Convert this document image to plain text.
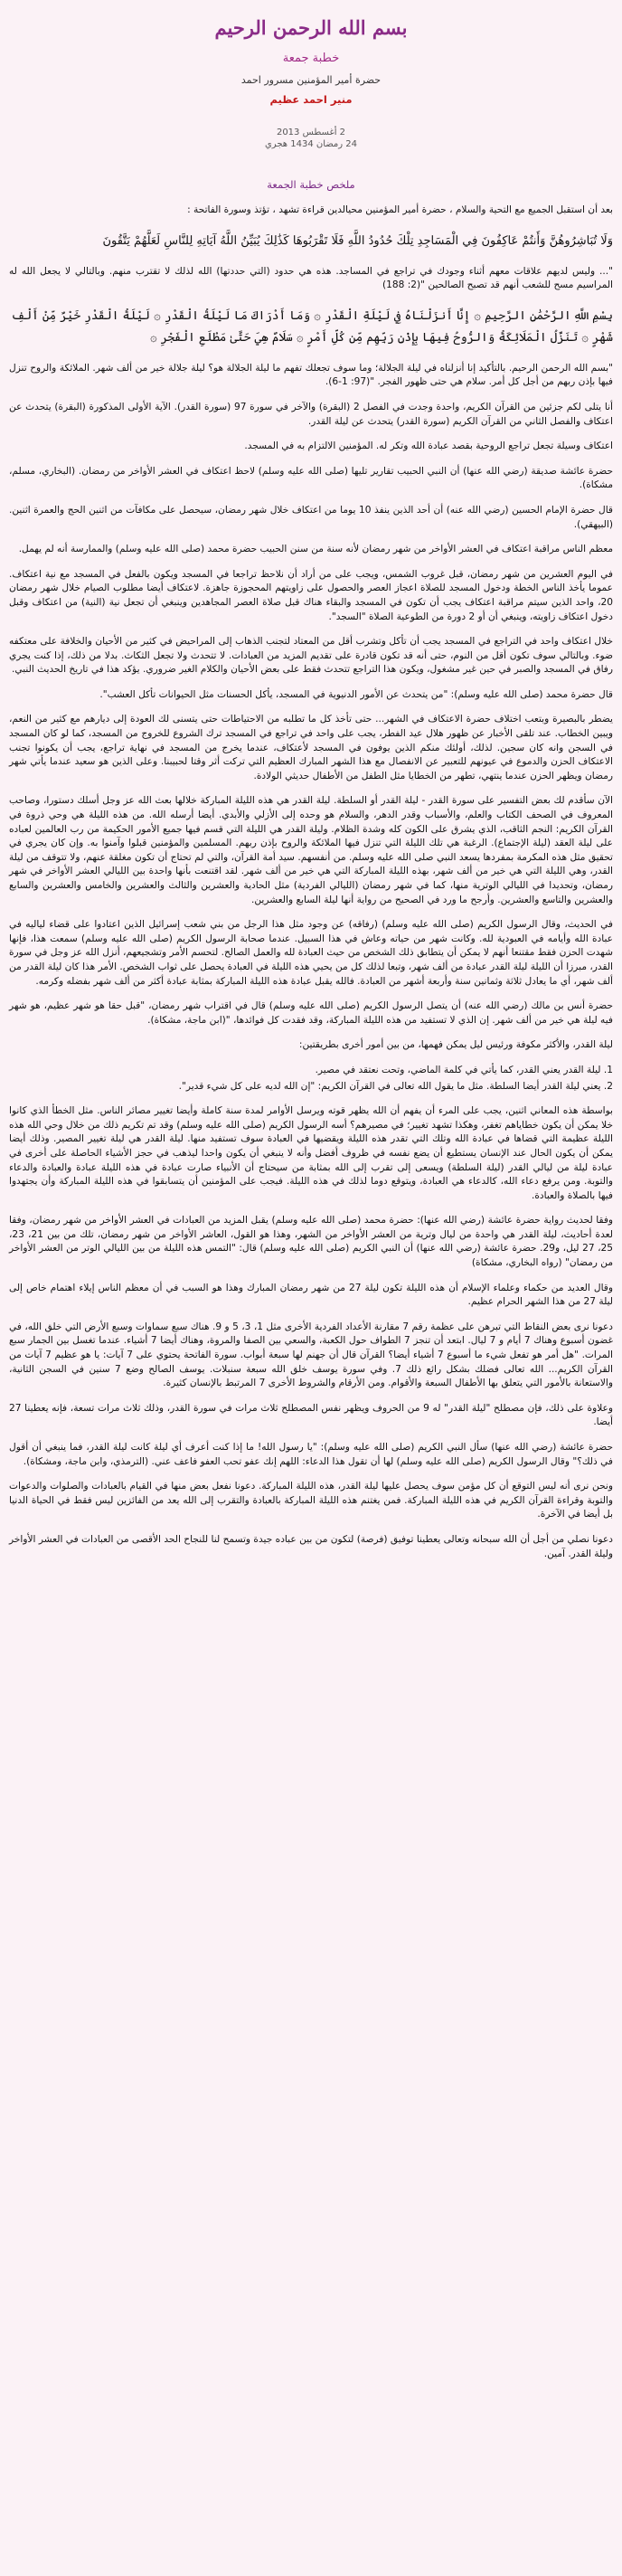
بسم الله الرحمن الرحيم
خطبة جمعة
حضرة أمير المؤمنين مسرور احمد
منير احمد عظيم
2 أغسطس 2013
24 رمضان 1434 هجري
ملخص خطبة الجمعة

بعد أن استقبل الجميع مع التحية والسلام ، حضرة أمير المؤمنين محيالدين قراءة تشهد ، تؤتذ وسورة الفاتحة :

وَلَا تُبَاشِرُوهُنَّ وَأَنتُمْ عَاكِفُونَ فِي الْمَسَاجِدِ تِلْكَ حُدُودُ اللَّهِ فَلَا تَقْرَبُوهَا كَذَٰلِكَ يُبَيِّنُ اللَّهُ آيَاتِهِ لِلنَّاسِ لَعَلَّهُمْ يَتَّقُونَ

"... ولیس لدیهم علاقات معهم أثناء وجودك في تراجع في المساجد. هذه هي حدود (التي حددتها) الله لذلك لا تقترب منهم. وبالتالي لا يجعل الله له المراسيم مسح للشعب أنهم قد تصبح الصالحين "(2: 188)

بِسْمِ اللَّهِ الرَّحْمَٰنِ الرَّحِيمِ ۞ إِنَّا أَنزَلْنَاهُ فِي لَيْلَةِ الْقَدْرِ ۞ وَمَا أَدْرَاكَ مَا لَيْلَةُ الْقَدْرِ ۞ لَيْلَةُ الْقَدْرِ خَيْرٌ مِّنْ أَلْفِ شَهْرٍ ۞ تَنَزَّلُ الْمَلَائِكَةُ وَالرُّوحُ فِيهَا بِإِذْنِ رَبِّهِم مِّن كُلِّ أَمْرٍ ۞ سَلَامٌ هِيَ حَتَّىٰ مَطْلَعِ الْفَجْرِ ۞

"بسم الله الرحمن الرحيم. بالتأكيد إنا أنزلناه في ليلة الجلالة؛ وما سوف تجعلك تفهم ما ليلة الجلالة هو؟ ليلة جلالة خير من ألف شهر. الملائكة والروح تنزل فيها بإذن ربهم من أجل كل أمر. سلام هي حتى ظهور الفجر. "(97: 1-6).

أنا يتلى لكم جزئين من القرآن الكريم، واحدة وجدت في الفصل 2 (البقرة) والآخر في سورة 97 (سورة القدر). الآية الأولى المذكورة (البقرة) يتحدث عن اعتكاف والفصل الثاني من القرآن الكريم (سورة القدر) يتحدث عن ليلة القدر.

اعتكاف وسيلة تجعل تراجع الروحية بقصد عبادة الله وتكر له. المؤمنين الالتزام به في المسجد.

حضرة عائشة صديقة (رضي الله عنها) أن النبي الحبيب تقارير تليها (صلى الله عليه وسلم) لاحظ اعتكاف في العشر الأواخر من رمضان. (البخاري، مسلم، مشكاة).

قال حضرة الإمام الحسين (رضي الله عنه) أن أحد الذين ينفذ 10 يوما من اعتكاف خلال شهر رمضان، سيحصل على مكافآت من اثنين الحج والعمرة اثنين. (البيهقي).

معظم الناس مراقبة اعتكاف في العشر الأواخر من شهر رمضان لأنه سنة من سنن الحبيب حضرة محمد (صلى الله عليه وسلم) والممارسة أنه لم يهمل.

في اليوم العشرين من شهر رمضان، قبل غروب الشمس، ويجب على من أراد أن نلاحظ تراجعا في المسجد ويكون بالفعل في المسجد مع نية اعتكاف. عموما يأخذ الناس الخطة ودخول المسجد للصلاة اعجاز العصر والحصول على زاويتهم المحجوزة جاهزة. لاعتكاف أيضا مطلوب الصيام خلال شهر رمضان 20، واحد الذين سيتم مراقبة اعتكاف يجب أن تكون في المسجد والبقاء هناك قبل صلاة العصر المجاهدين وينبغي أن تجعل نية (النية) من اعتكاف وقبل دخول اعتكاف زاويته، وينبغي أن أو 2 دورة من الطوعية الصلاة "السجد".

خلال اعتكاف واحد في التراجع في المسجد يجب أن تأكل وتشرب أقل من المعتاد لتجنب الذهاب إلى المراحيض في كثير من الأحيان والخلافة على معتكفه ضوء. وبالتالي سوف تكون أقل من النوم، حتى أنه قد تكون قادرة على تقديم المزيد من العبادات. لا تتحدث ولا تجعل الثكاث. بدلا من ذلك، إذا كنت يجري رفاق في المسجد والصبر في حين غير مشغول، ويكون هذا التراجع تتحدث فقط على بعض الأحيان والكلام الغير ضروري. يؤكد هذا في تاريخ الحديث النبي.

قال حضرة محمد (صلى الله عليه وسلم): "من يتحدث عن الأمور الدنيوية في المسجد، يأكل الحسنات مثل الحيوانات تأكل العشب".

يضطر بالبصيرة وبتعب اختلاف حضرة الاعتكاف في الشهر... حتى تأخذ كل ما تطلبه من الاحتياطات حتى يتسنى لك العودة إلى ديارهم مع كثير من النعم، ويبين الخطاب. عند تلقى الأخبار عن ظهور هلال عيد الفطر، يجب على واحد في تراجع في المسجد ترك الشروع للخروج من المسجد، كما لو كان المسجد في السجن وانه كان سجين. لذلك، أولئك منكم الذين يوفون في المسجد لأعتكاف، عندما يخرج من المسجد في نهاية تراجع، يجب أن يكونوا تجنب الاعتكاف الحزن والدموع في عيونهم للتعبير عن الانفصال مع هذا الشهر المبارك العظيم التي تركت أثر وقتا لحبيبنا. وعلى الذين هو سعيد عندما يأتي شهر رمضان ويظهر الحزن عندما ينتهي، تطهر من الخطايا مثل الطفل من الأطفال حديثي الولادة.

الآن سأقدم لك بعض التفسير على سورة القدر - ليلة القدر أو السلطة. ليلة القدر هي هذه الليلة المباركة خلالها بعث الله عز وجل أسلك دستورا، وصاحب المعروف في الصحف الكتاب والعلم، والأسباب وقدر الدهر، والسلام هو وحده إلى الأزلي والأبدي. أيضا أرسله الله. من هذه الليلة هي وحي ذروة في القرآن الكريم: النجم الثاقب، الذي يشرق على الكون كله وشدة الظلام. وليلة القدر هي الليلة التي قسم فيها جميع الأمور الحكيمة من رب العالمين لعباده على ليلة العقد (ليلة الإجتماع). الرغبة هي تلك الليلة التي تنزل فيها الملائكة والروح بإذن ربهم. المسلمين والمؤمنين قبلوا وآمنوا به. وإن كان يجري في تحقيق مثل هذه المكرمة بمفردها يسعد النبي صلى الله عليه وسلم. من أنفسهم. سيد أمة القرآن، والتي لم تحتاج أن تكون مغلقة عنهم، ولا تتوقف من ليلة القدر، وهي الليلة التي هي خير من ألف شهر، بهذه الليلة المباركة التي هي خير من ألف شهر. لقد اقتنعت بأنها واحدة بين الليالي العشر الأواخر في شهر رمضان، وتحديدا في الليالي الوترية منها، كما في شهر رمضان (الليالي الفردية) مثل الحادية والعشرين والثالث والعشرين والخامس والعشرين والسابع والعشرين والتاسع والعشرين. وأرجح ما ورد في الصحيح من رواية أنها ليلة السابع والعشرين.

في الحديث، وقال الرسول الكريم (صلى الله عليه وسلم) (رفاقه) عن وجود مثل هذا الرجل من بني شعب إسرائيل الذين اعتادوا على قضاء لياليه في عبادة الله وأيامه في العبودية لله. وكانت شهر من حياته وعاش في هذا السبيل. عندما صحابة الرسول الكريم (صلى الله عليه وسلم) سمعت هذا، فإنها شهدت الحزن فقط مقتنعا أنهم لا يمكن أن يتطابق ذلك الشخص من حيث العبادة لله والعمل الصالح. لتحسم الأمر وتشجيعهم، أنزل الله عز وجل في سورة القدر، مبرزا أن الليلة ليلة القدر عبادة من ألف شهر، وتبعا لذلك كل من يحيي هذه الليلة في العبادة يحصل على ثواب الشخص. الأمر هذا كان ليلة القدر من ألف شهر، أي ما يعادل ثلاثة وثمانين سنة وأربعة أشهر من العبادة. فالله يقبل عبادة هذه الليلة المباركة بمثابة عبادة أكثر من ألف شهر بفضله وكرمه.

حضرة أنس بن مالك (رضي الله عنه) أن يتصل الرسول الكريم (صلى الله عليه وسلم) قال في اقتراب شهر رمضان، "قبل حقا هو شهر عظيم، هو شهر فيه ليلة هي خير من ألف شهر. إن الذي لا تستفيد من هذه الليلة المباركة، وقد فقدت كل فوائدها، "(ابن ماجة، مشكاة).

ليلة القدر، والأكثر مكوفة ورئيس ليل يمكن فهمها، من بين أمور أخرى بطريقتين:

1. ليلة القدر يعني القدر، كما يأتي في كلمة الماضي، وتحت نعتقد في مصير.
2. يعني ليلة القدر أيضا السلطة. مثل ما يقول الله تعالى في القرآن الكريم: "إن الله لديه على كل شيء قدير".

بواسطة هذه المعاني اثنين، يجب على المرء أن يفهم أن الله يظهر قوته ويرسل الأوامر لمدة سنة كاملة وأيضا تغيير مصائر الناس. مثل الخطأ الذي كانوا خلا يمكن أن يكون خطاياهم تغفر، وهكذا تشهد تغيير؛ في مصيرهم؟ أسه الرسول الكريم (صلى الله عليه وسلم) وقد تم تكريم ذلك من خلال وحي الله هذه الليلة عظيمة التي قضاها في عبادة الله وتلك التي تقدر هذه الليلة ويقضيها في العبادة سوف تستفيد منها. ليلة القدر هي ليلة تغيير المصير. وذلك أيضا يمكن أن يكون الحال عند الإنسان يستطيع أن يضع نفسه في ظروف أفضل وأنه لا ينبغي أن يكون واحدا ليذهب في حجز الأشياء الحاصلة على أخرى في عبادة ليلة من ليالي القدر (ليلة السلطة) ويسعى إلى تقرب إلى الله بمثابة من سيحتاج أن الأنبياء صارت عبادة في هذه الليلة عبادة والعبادة والدعاء والتوبة. ومن يرفع دعاء الله، كالدعاء هي العبادة، ويتوقع دوما لذلك في هذه الليلة. فيجب على المؤمنين أن يتسابقوا في هذه الليلة المباركة وأن يجتهدوا فيها بالصلاة والعبادة.

وفقا لحديث رواية حضرة عائشة (رضي الله عنها): حضرة محمد (صلى الله عليه وسلم) يقبل المزيد من العبادات في العشر الأواخر من شهر رمضان، وفقا لعدة أحاديث، ليلة القدر هي واحدة من ليال وترية من العشر الأواخر من الشهر، وهذا هو القول، العاشر الأواخر من شهر رمضان، تلك من بين 21، 23، 25، 27 ليل، و29. حضرة عائشة (رضي الله عنها) أن النبي الكريم (صلى الله عليه وسلم) قال: "التمس هذه الليلة من بين الليالي الوتر من العشر الأواخر من رمضان" (رواه البخاري، مشكاة)

وقال العديد من حكماء وعلماء الإسلام أن هذه الليلة تكون ليلة 27 من شهر رمضان المبارك وهذا هو السبب في أن معظم الناس إيلاء اهتمام خاص إلى ليلة 27 من هذا الشهر الحرام عظيم.

دعونا نرى بعض النقاط التي تبرهن على عظمة رقم 7 مقارنة الأعداد الفردية الأخرى مثل 1، 3، 5 و 9. هناك سبع سماوات وسبع الأرض التي خلق الله، في غضون أسبوع وهناك 7 أيام و 7 ليال. ابتعد أن تنجز 7 الطواف حول الكعبة، والسعي بين الصفا والمروة، وهناك أيضا 7 أشياء. عندما تغسل بين الجمار سبع المرات. "هل أمر هو تفعل شيء ما أسبوع 7 أشياء أيضا؟ القرآن قال أن جهنم لها سبعة أبواب. سورة الفاتحة يحتوي على 7 آيات: يا هو عظيم 7 آيات من القرآن الكريم... الله تعالى فضلك بشكل رائع ذلك 7. وفي سورة يوسف خلق الله سبعة سنبلات. يوسف الصالح وضع 7 سنين في السجن الثانية، والاستعانة بالأمور التي يتعلق بها الأطفال السبعة والأقوام. ومن الأرقام والشروط الأخرى 7 المرتبط بالإنسان كثيرة.

وعلاوة على ذلك، فإن مصطلح "ليلة القدر" له 9 من الحروف ويظهر نفس المصطلح ثلاث مرات في سورة القدر، وذلك ثلاث مرات تسعة، فإنه يعطينا 27 أيضا.

حضرة عائشة (رضي الله عنها) سأل النبي الكريم (صلى الله عليه وسلم): "يا رسول الله! ما إذا كنت أعرف أي ليلة كانت ليلة القدر، فما ينبغي أن أقول في ذلك؟" وقال الرسول الكريم (صلى الله عليه وسلم) لها أن تقول هذا الدعاء: اللهم إنك عفو تحب العفو فاعف عني. (الترمذي، وابن ماجة، ومشكاة).

ونحن نرى أنه ليس التوقع أن كل مؤمن سوف يحصل عليها ليلة القدر، هذه الليلة المباركة. دعونا نفعل بعض منها في القيام بالعبادات والصلوات والدعوات والتوبة وقراءة القرآن الكريم في هذه الليلة المباركة. فمن يغتنم هذه الليلة المباركة بالعبادة والتقرب إلى الله يعد من الفائزين ليس فقط في الحياة الدنيا بل أيضا في الآخرة.

دعونا نصلي من أجل أن الله سبحانه وتعالى يعطينا توفيق (فرصة) لتكون من بين عباده جيدة وتسمح لنا للنجاح الحد الأقصى من العبادات في العشر الأواخر وليلة القدر. آمين.
